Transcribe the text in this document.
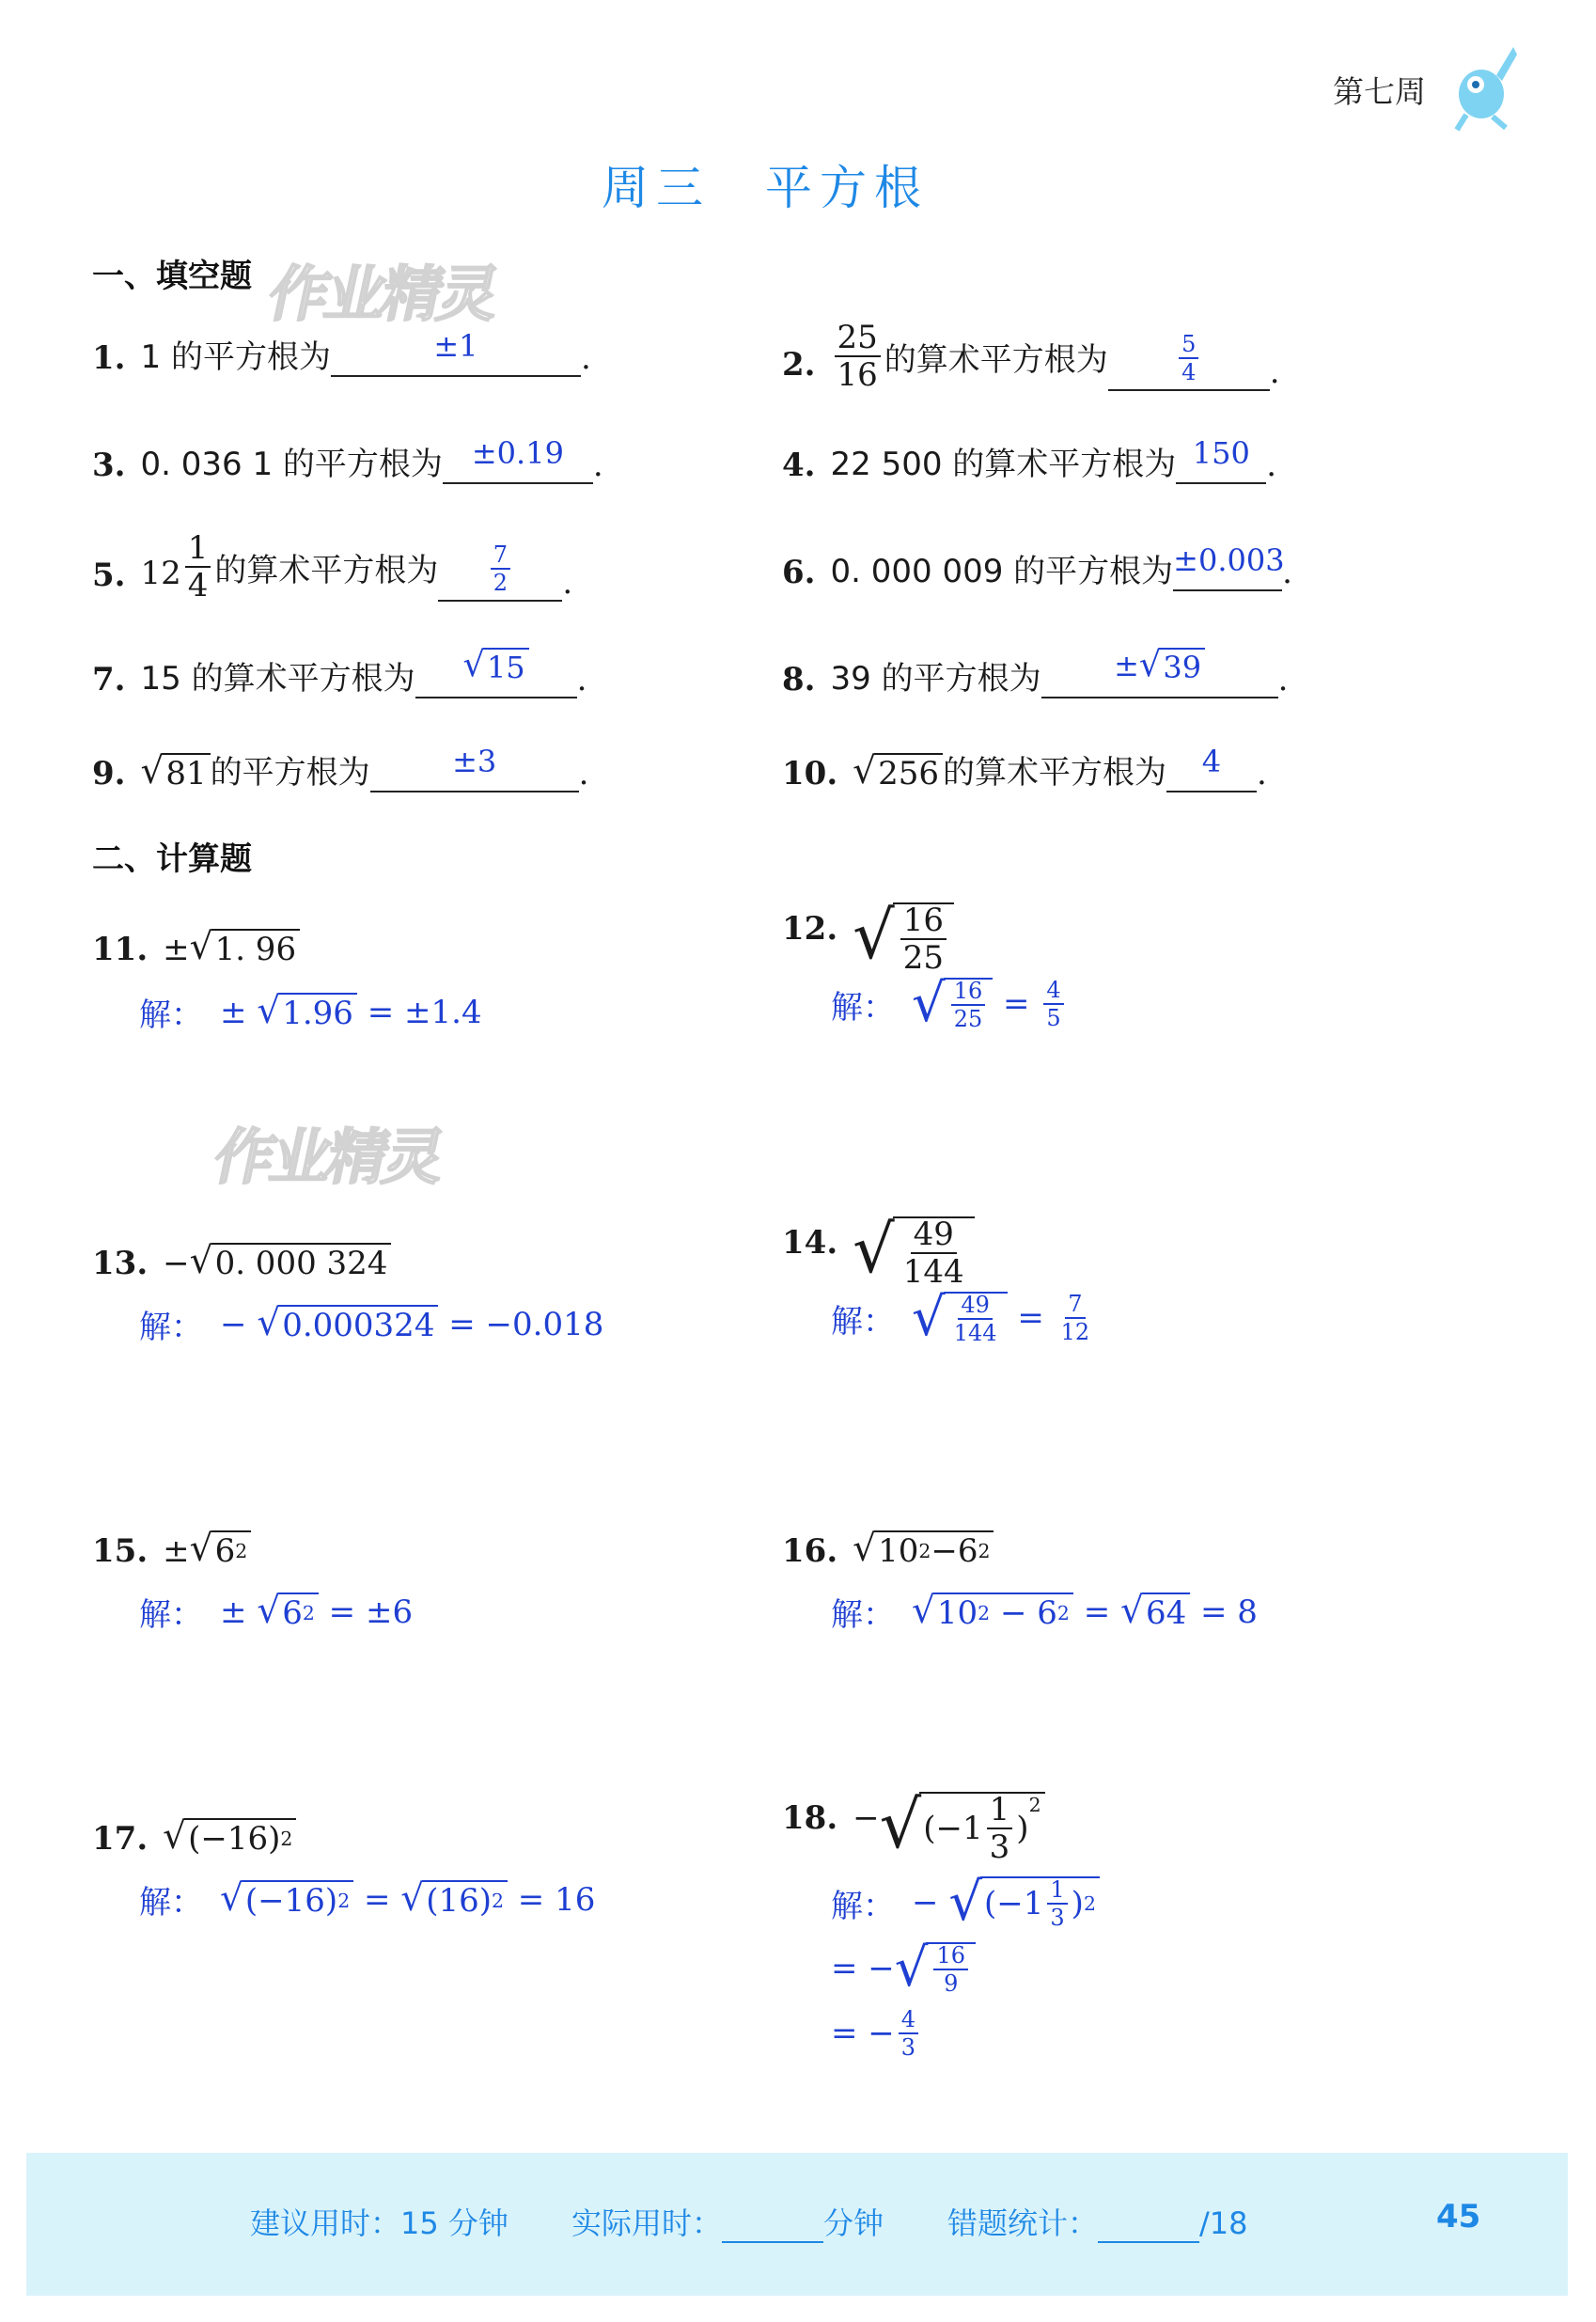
第七周
周三　平方根
作业精灵
作业精灵
一、填空题
1. 1 的平方根为	±1	.	2. $\frac{25}{16}$ 的算术平方根为	$\frac{5}{4}$ .
3. 0. 036 1 的平方根为 ±0.19 .	4. 22 500 的算术平方根为 150 .
5. $12 \frac{1}{4}$ 的算术平方根为 $\frac{7}{2}$ .	6. 0. 000 009 的平方根为 ±0.003
.
7. 15 的算术平方根为 √ 15 .	8. 39 的平方根为	± √ 39 .
9. √ 81 的平方根为	±3	.	10. √ 256 的算术平方根为	4	.
二、计算题
11. ± √ 1. 96
解： ±
√ 1.96
= ±1.4
12. √ $\frac{16}{25}$
解： √ $\frac{16}{25}$
=
$\frac{4}{5}$
13. − √ 0. 000 324
解： −
√ 0.000324
= −0.018
14. √ $\frac{49}{144}$
解： √ $\frac{49}{144}$
=
$\frac{7}{12}$
15. ± √ 6 2
解： ±
√ 6 2
= ±6
16. √ 10 2 − 6 2
解： √ 10 2
−
6 2
=
√ 64
= 8
17. √ (−16) 2
解： √ (−16) 2
=
√ (16) 2
= 16
18. − √ ($-1 \frac{1}{3}$ )
$^2$
解： −
√ ($-1 \frac{1}{3}$ ) 2
= − √ $\frac{16}{9}$
= − $\frac{4}{3}$
建议用时：15 分钟 实际用时：	分钟 错题统计：	/18	45
